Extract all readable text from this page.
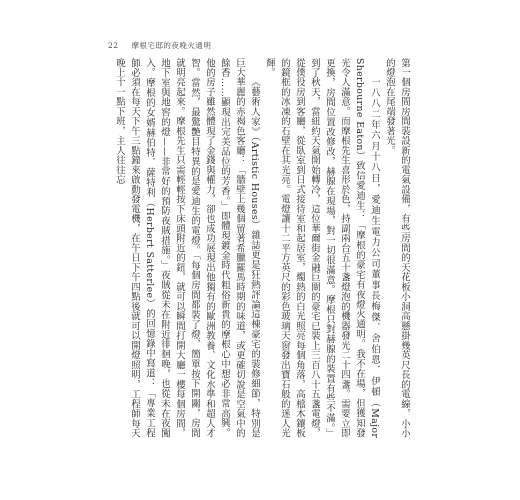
22 摩根宅邸的夜晚火通明

第一個房間房間裝設新的電氣設備，有些房間的天花板小洞高懸掛幾英尺長的電線，小小的燈泡在尾端發著光。

一八八二年六月十八日，愛迪生電力公司董事長梅傑．舍伯恩．伊頓（Major Sherbourne Eaton）致信愛迪生：「摩根的豪宅有夜燈火通明。我不在場，但獲知發光令人滿意。而摩根先生喜形於色，持副兩台五十盞燈泡的機器發光二十四盞。需要立即更換，房間位置改修改，赫腺在現場，對一切很滿意。摩根只對赫腺的裝置有些不滿。」到了秋天，當紐約天氣開始轉冷，這位華爾街金融巨閘的豪宅已裝上三百八十五盞電燈，從僕役房到客廳，從臥室到日式接待室和起居室，燭熱的白光照亮每個角落，高檔木鑲板的鏡框的冰凍的石壁在其光亮。電燈讓十二平方英尺的彩色玻璃天窗發出寶石般的迷人光輝。

《藝術人家》（Artistic Houses）雜誌更是狂熱評論這棟豪宅的裝修細節，特別是巨大華麗的赤褐色客廳：「牆壁上幾個留著希臘羅馬時期的味道，或更確切說是空氣中的餘香……顯現出完美品位的芳香。」即體現鍍金時代粗俗新貴的摩根心中想必非常高興。他的房子雖然體現了金錢與權力，卻也成功展現出他獨有的歐洲教養、文化水準和超人才智。當然，最驚艷目特異的是愛迪生的電燈。「每個房間都裝了燈，簡單按下開關，房間就明亮起來。摩根先生只需輕輕按下床頭附近的鈕，就可以瞬間打開大廳一樓每個房間，地下室與地窖的燈——非常好的預防夜賊措施。」夜賊從未在附近徘徊晚，也從未在夜闖入。摩根的女婿赫伯特．薩特利（Herbert Satterlee）的回憶錄中寫道：「專業工程師必須在每天下午三點鐘來啟動發電機，在午日下午四點後就可以開燈照明，工程師每天晚上十一點下班，主人往往忘
